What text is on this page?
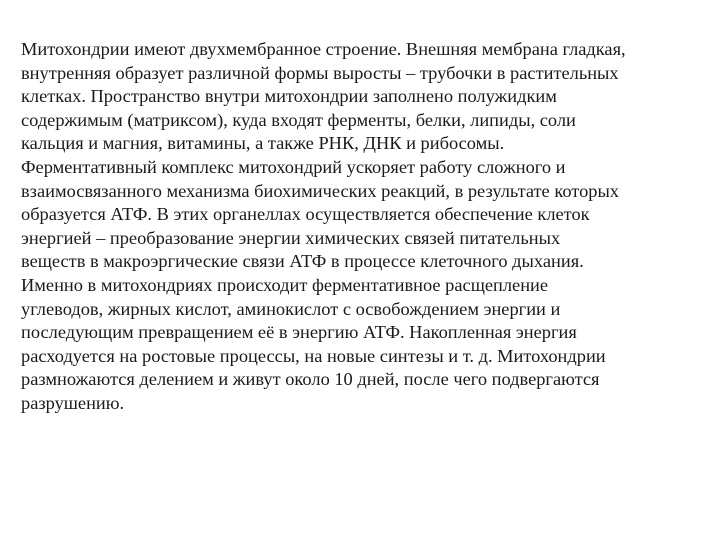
Митохондрии имеют двухмембранное строение. Внешняя мембрана гладкая,
внутренняя образует различной формы выросты – трубочки в растительных
клетках. Пространство внутри митохондрии заполнено полужидким
содержимым (матриксом), куда входят ферменты, белки, липиды, соли
кальция и магния, витамины, а также РНК, ДНК и рибосомы.
Ферментативный комплекс митохондрий ускоряет работу сложного и
взаимосвязанного механизма биохимических реакций, в результате которых
образуется АТФ. В этих органеллах осуществляется обеспечение клеток
энергией – преобразование энергии химических связей питательных
веществ в макроэргические связи АТФ в процессе клеточного дыхания.
Именно в митохондриях происходит ферментативное расщепление
углеводов, жирных кислот, аминокислот с освобождением энергии и
последующим превращением её в энергию АТФ. Накопленная энергия
расходуется на ростовые процессы, на новые синтезы и т. д. Митохондрии
размножаются делением и живут около 10 дней, после чего подвергаются
разрушению.
